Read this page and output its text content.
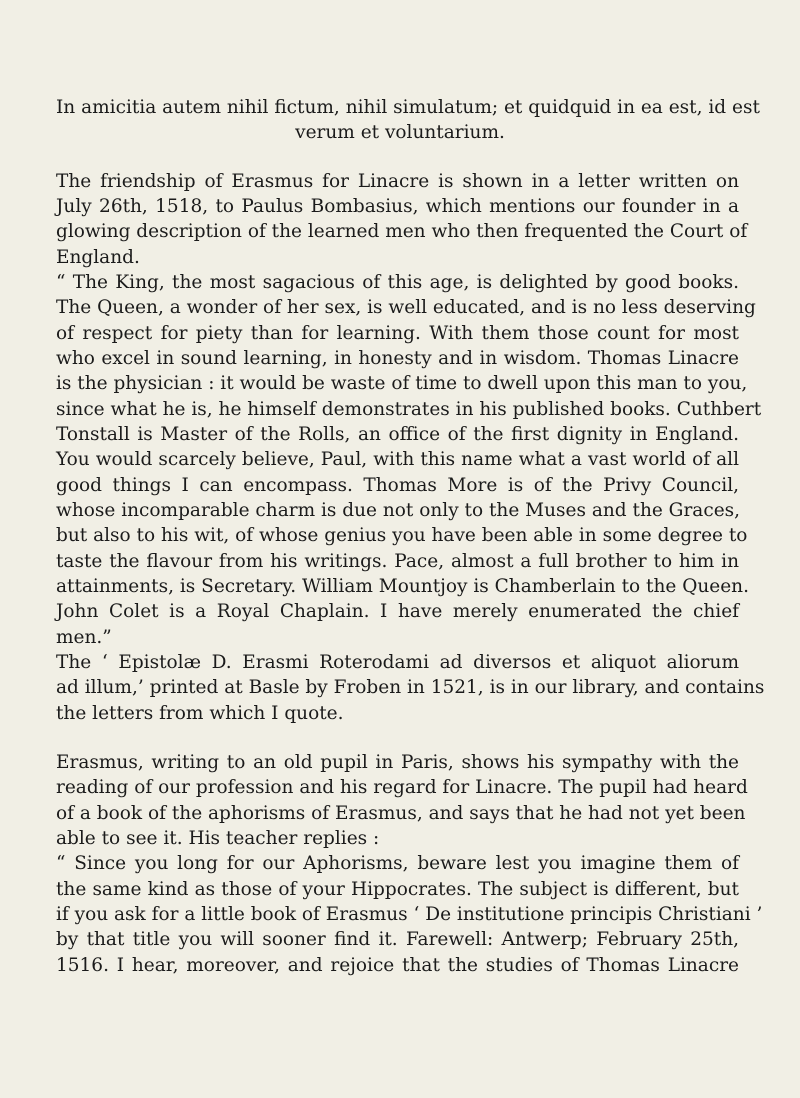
In amicitia autem nihil fictum, nihil simulatum; et quidquid in ea est, id est
verum et voluntarium.
The friendship of Erasmus for Linacre is shown in a letter written on
July 26th, 1518, to Paulus Bombasius, which mentions our founder in a
glowing description of the learned men who then frequented the Court of
England.
“ The King, the most sagacious of this age, is delighted by good books.
The Queen, a wonder of her sex, is well educated, and is no less deserving
of respect for piety than for learning. With them those count for most
who excel in sound learning, in honesty and in wisdom. Thomas Linacre
is the physician : it would be waste of time to dwell upon this man to you,
since what he is, he himself demonstrates in his published books. Cuthbert
Tonstall is Master of the Rolls, an office of the first dignity in England.
You would scarcely believe, Paul, with this name what a vast world of all
good things I can encompass. Thomas More is of the Privy Council,
whose incomparable charm is due not only to the Muses and the Graces,
but also to his wit, of whose genius you have been able in some degree to
taste the flavour from his writings. Pace, almost a full brother to him in
attainments, is Secretary. William Mountjoy is Chamberlain to the Queen.
John Colet is a Royal Chaplain. I have merely enumerated the chief
men.”
The ‘ Epistolæ D. Erasmi Roterodami ad diversos et aliquot aliorum
ad illum,’ printed at Basle by Froben in 1521, is in our library, and contains
the letters from which I quote.
Erasmus, writing to an old pupil in Paris, shows his sympathy with the
reading of our profession and his regard for Linacre. The pupil had heard
of a book of the aphorisms of Erasmus, and says that he had not yet been
able to see it. His teacher replies :
“ Since you long for our Aphorisms, beware lest you imagine them of
the same kind as those of your Hippocrates. The subject is different, but
if you ask for a little book of Erasmus ‘ De institutione principis Christiani ’
by that title you will sooner find it. Farewell: Antwerp; February 25th,
1516. I hear, moreover, and rejoice that the studies of Thomas Linacre
